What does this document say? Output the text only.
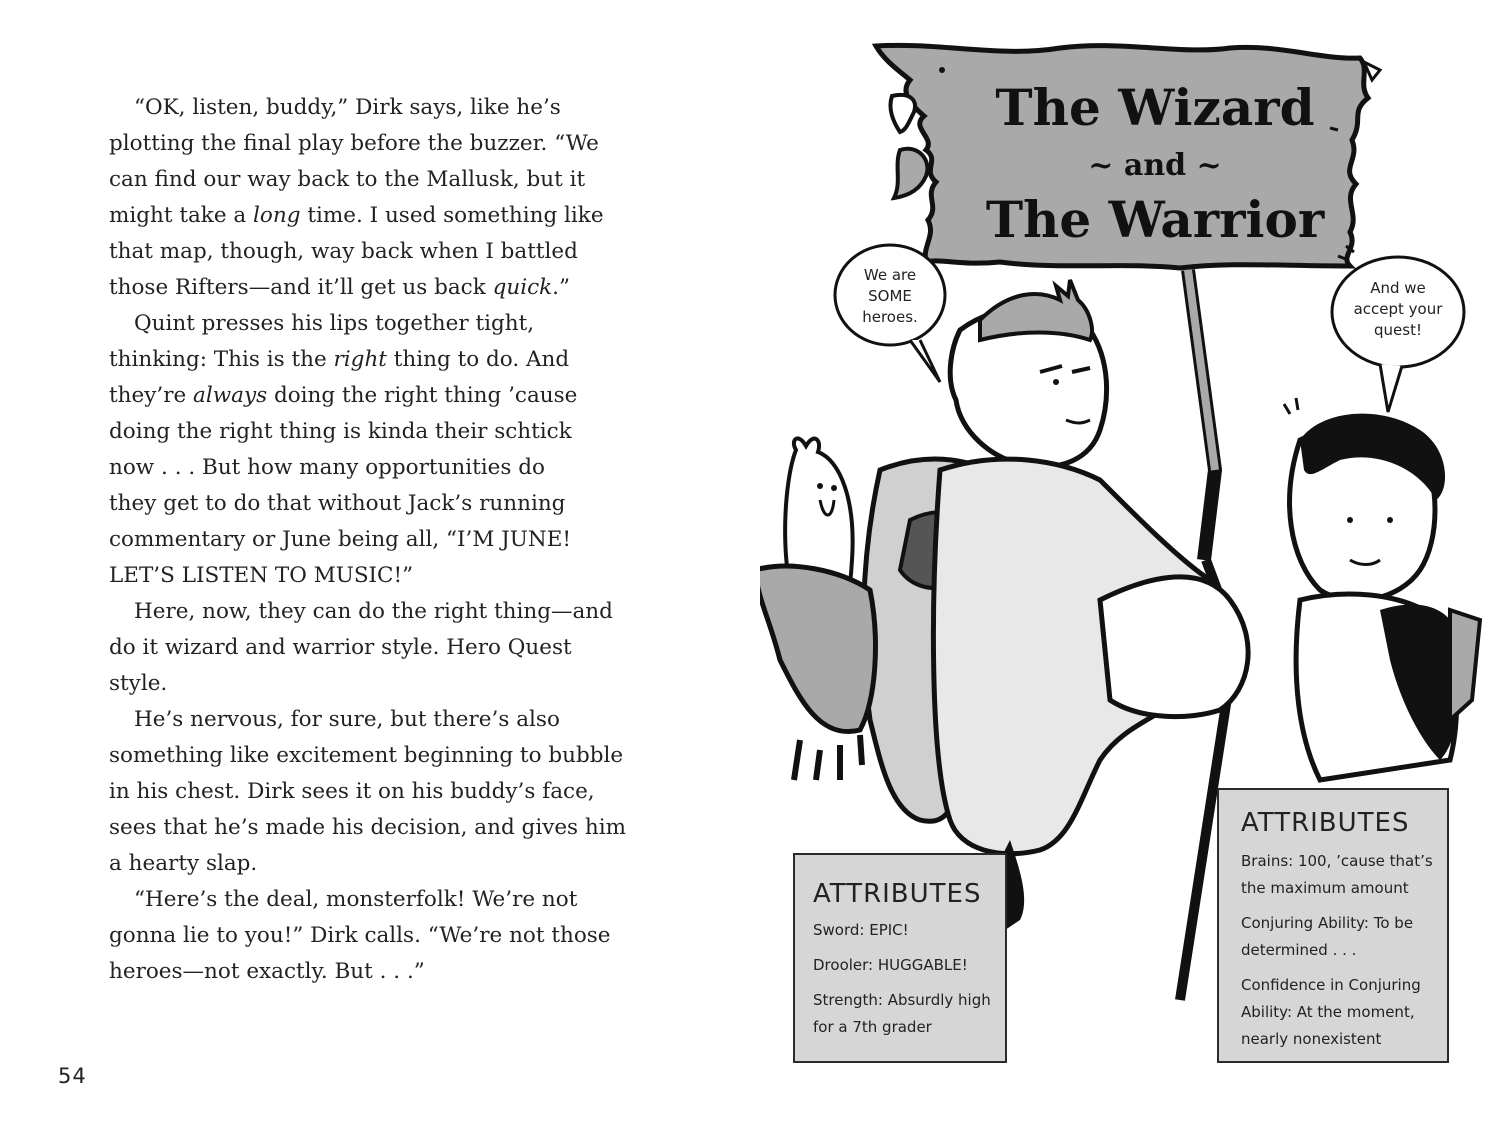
“OK, listen, buddy,” Dirk says, like he’s
plotting the final play before the buzzer. “We
can find our way back to the Mallusk, but it
might take a long time. I used something like
that map, though, way back when I battled
those Rifters—and it’ll get us back quick.”
Quint presses his lips together tight,
thinking: This is the right thing to do. And
they’re always doing the right thing ’cause
doing the right thing is kinda their schtick
now . . . But how many opportunities do
they get to do that without Jack’s running
commentary or June being all, “I’M JUNE!
LET’S LISTEN TO MUSIC!”
Here, now, they can do the right thing—and
do it wizard and warrior style. Hero Quest
style.
He’s nervous, for sure, but there’s also
something like excitement beginning to bubble
in his chest. Dirk sees it on his buddy’s face,
sees that he’s made his decision, and gives him
a hearty slap.
“Here’s the deal, monsterfolk! We’re not
gonna lie to you!” Dirk calls. “We’re not those
heroes—not exactly. But . . .”
54
The Wizard
~ and ~
The Warrior
We are
SOME
heroes.
And we
accept your
quest!
ATTRIBUTES
Sword: EPIC!
Drooler: HUGGABLE!
Strength: Absurdly high
for a 7th grader
ATTRIBUTES
Brains: 100, ’cause that’s
the maximum amount
Conjuring Ability: To be
determined . . .
Confidence in Conjuring
Ability: At the moment,
nearly nonexistent
